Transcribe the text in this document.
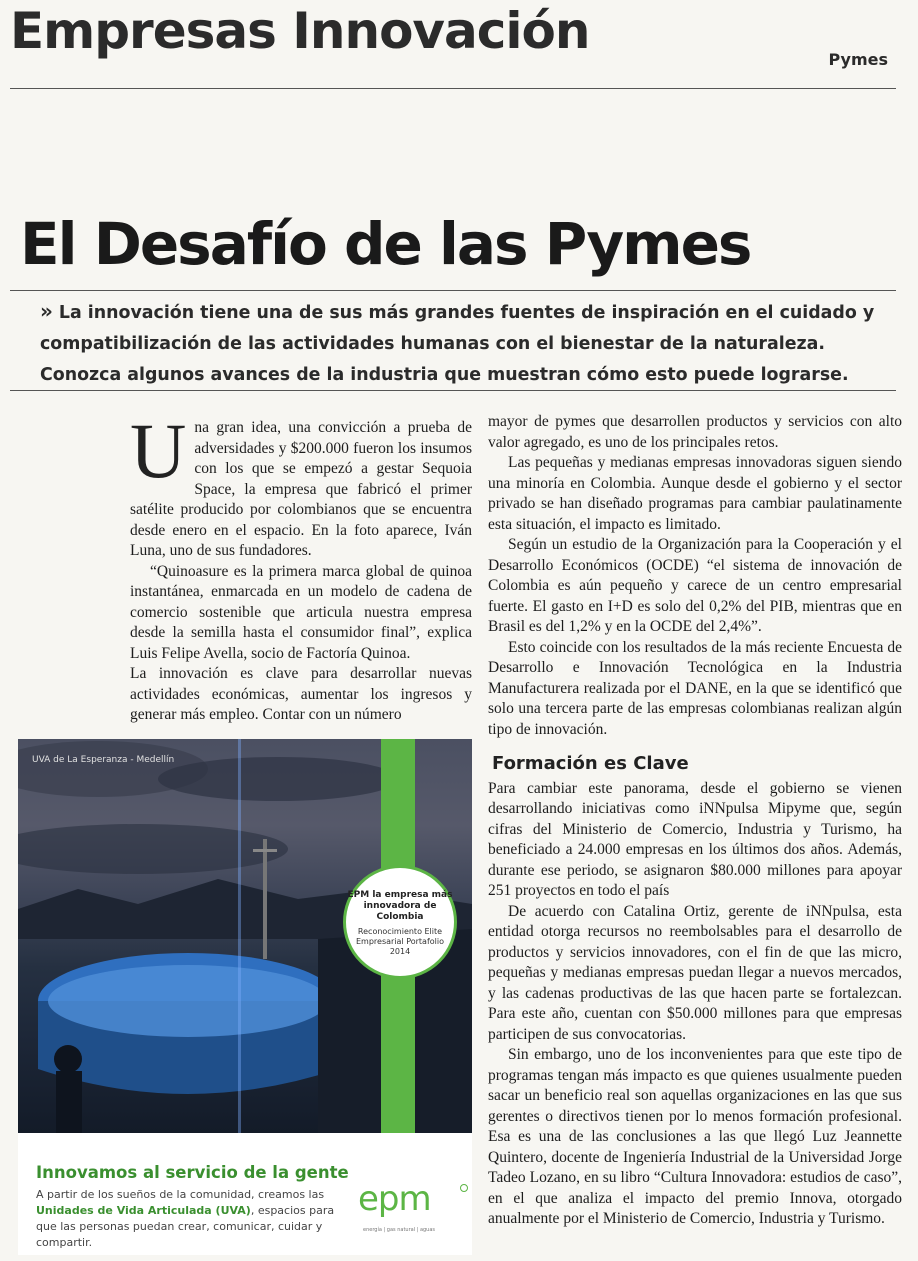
Empresas Innovación	Pymes
El Desafío de las Pymes

» La innovación tiene una de sus más grandes fuentes de inspiración en el cuidado y compatibilización de las actividades humanas con el bienestar de la naturaleza. Conozca algunos avances de la industria que muestran cómo esto puede lograrse.

Una gran idea, una convicción a prueba de adversidades y $200.000 fueron los insumos con los que se empezó a gestar Sequoia Space, la empresa que fabricó el primer satélite producido por colombianos que se encuentra desde enero en el espacio. En la foto aparece, Iván Luna, uno de sus fundadores.

“Quinoasure es la primera marca global de quinoa instantánea, enmarcada en un modelo de cadena de comercio sostenible que articula nuestra empresa desde la semilla hasta el consumidor final”, explica Luis Felipe Avella, socio de Factoría Quinoa.

La innovación es clave para desarrollar nuevas actividades económicas, aumentar los ingresos y generar más empleo. Contar con un número

mayor de pymes que desarrollen productos y servicios con alto valor agregado, es uno de los principales retos.

Las pequeñas y medianas empresas innovadoras siguen siendo una minoría en Colombia. Aunque desde el gobierno y el sector privado se han diseñado programas para cambiar paulatinamente esta situación, el impacto es limitado.

Según un estudio de la Organización para la Cooperación y el Desarrollo Económicos (OCDE) “el sistema de innovación de Colombia es aún pequeño y carece de un centro empresarial fuerte. El gasto en I+D es solo del 0,2% del PIB, mientras que en Brasil es del 1,2% y en la OCDE del 2,4%”.

Esto coincide con los resultados de la más reciente Encuesta de Desarrollo e Innovación Tecnológica en la Industria Manufacturera realizada por el DANE, en la que se identificó que solo una tercera parte de las empresas colombianas realizan algún tipo de innovación.

Formación es Clave

Para cambiar este panorama, desde el gobierno se vienen desarrollando iniciativas como iNNpulsa Mipyme que, según cifras del Ministerio de Comercio, Industria y Turismo, ha beneficiado a 24.000 empresas en los últimos dos años. Además, durante ese periodo, se asignaron $80.000 millones para apoyar 251 proyectos en todo el país

De acuerdo con Catalina Ortiz, gerente de iNNpulsa, esta entidad otorga recursos no reembolsables para el desarrollo de productos y servicios innovadores, con el fin de que las micro, pequeñas y medianas empresas puedan llegar a nuevos mercados, y las cadenas productivas de las que hacen parte se fortalezcan. Para este año, cuentan con $50.000 millones para que empresas participen de sus convocatorias.

Sin embargo, uno de los inconvenientes para que este tipo de programas tengan más impacto es que quienes usualmente pueden sacar un beneficio real son aquellas organizaciones en las que sus gerentes o directivos tienen por lo menos formación profesional. Esa es una de las conclusiones a las que llegó Luz Jeannette Quintero, docente de Ingeniería Industrial de la Universidad Jorge Tadeo Lozano, en su libro “Cultura Innovadora: estudios de caso”, en el que analiza el impacto del premio Innova, otorgado anualmente por el Ministerio de Comercio, Industria y Turismo.

UVA de La Esperanza - Medellín
EPM la empresa más innovadora de Colombia
Reconocimiento Elite Empresarial Portafolio 2014
Innovamos al servicio de la gente
A partir de los sueños de la comunidad, creamos las Unidades de Vida Articulada (UVA), espacios para que las personas puedan crear, comunicar, cuidar y compartir.
epm
energía | gas natural | aguas
